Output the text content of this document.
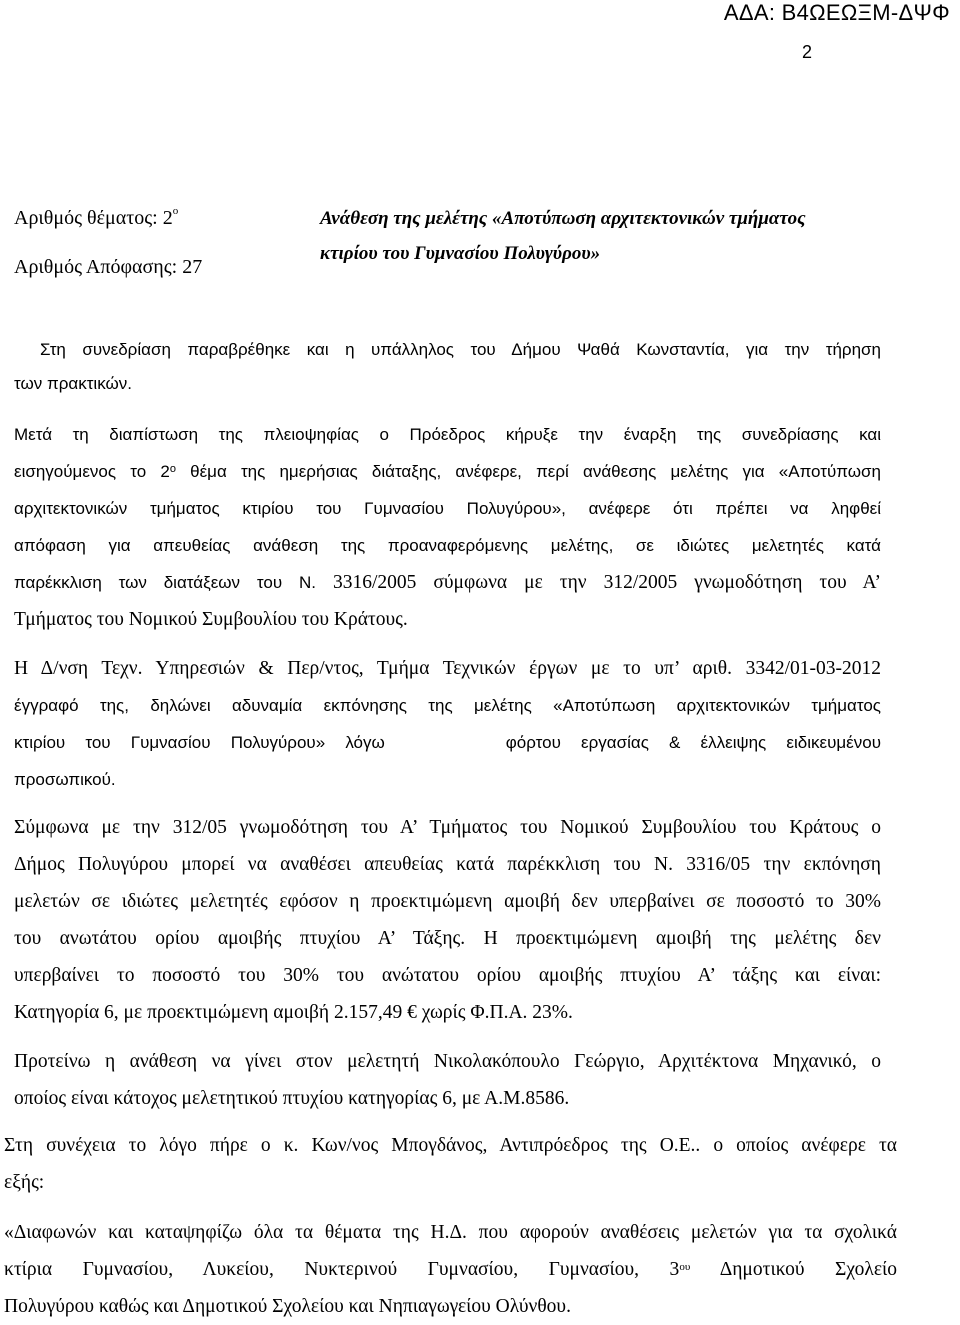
ΑΔΑ: Β4ΩΕΩΞΜ-ΔΨΦ
2
Αριθμός θέματος: $2^o$
Αριθμός Απόφασης: 27
Ανάθεση της μελέτης «Αποτύπωση αρχιτεκτονικών τμήματος
κτιρίου του Γυμνασίου Πολυγύρου»
Στη συνεδρίαση παραβρέθηκε και η υπάλληλος του Δήμου Ψαθά Κωνσταντία, για την τήρηση
των πρακτικών.
Μετά τη διαπίστωση της πλειοψηφίας ο Πρόεδρος κήρυξε την έναρξη της συνεδρίασης και
εισηγούμενος το $2^o$ θέμα της ημερήσιας διάταξης, ανέφερε, περί ανάθεσης μελέτης για «Αποτύπωση
αρχιτεκτονικών τμήματος κτιρίου του Γυμνασίου Πολυγύρου», ανέφερε ότι πρέπει να ληφθεί
απόφαση για απευθείας ανάθεση της προαναφερόμενης μελέτης, σε ιδιώτες μελετητές κατά
παρέκκλιση των διατάξεων του Ν. 3316/2005 σύμφωνα με την 312/2005 γνωμοδότηση του Α’
Τμήματος του Νομικού Συμβουλίου του Κράτους.
Η Δ/νση Τεχν. Υπηρεσιών & Περ/ντος, Τμήμα Τεχνικών έργων με το υπ’ αριθ. 3342/01-03-2012
έγγραφό της, δηλώνει αδυναμία εκπόνησης της μελέτης «Αποτύπωση αρχιτεκτονικών τμήματος
κτιρίου του Γυμνασίου Πολυγύρου» λόγω	φόρτου εργασίας & έλλειψης ειδικευμένου
προσωπικού.
Σύμφωνα με την 312/05 γνωμοδότηση του Α’ Τμήματος του Νομικού Συμβουλίου του Κράτους ο
Δήμος Πολυγύρου μπορεί να αναθέσει απευθείας κατά παρέκκλιση του Ν. 3316/05 την εκπόνηση
μελετών σε ιδιώτες μελετητές εφόσον η προεκτιμώμενη αμοιβή δεν υπερβαίνει σε ποσοστό το 30%
του ανωτάτου ορίου αμοιβής πτυχίου Α’ Τάξης. Η προεκτιμώμενη αμοιβή της μελέτης δεν
υπερβαίνει το ποσοστό του 30% του ανώτατου ορίου αμοιβής πτυχίου Α’ τάξης και είναι:
Κατηγορία 6, με προεκτιμώμενη αμοιβή 2.157,49 € χωρίς Φ.Π.Α. 23%.
Προτείνω η ανάθεση να γίνει στον μελετητή Νικολακόπουλο Γεώργιο, Αρχιτέκτονα Μηχανικό, ο
οποίος είναι κάτοχος μελετητικού πτυχίου κατηγορίας 6, με Α.Μ.8586.
Στη συνέχεια το λόγο πήρε ο κ. Κων/νος Μπογδάνος, Αντιπρόεδρος της Ο.Ε.. ο οποίος ανέφερε τα
εξής:
«Διαφωνών και καταψηφίζω όλα τα θέματα της Η.Δ. που αφορούν αναθέσεις μελετών για τα σχολικά
κτίρια Γυμνασίου, Λυκείου, Νυκτερινού Γυμνασίου, Γυμνασίου, $3^{o\upsilon}$ Δημοτικού Σχολείο
Πολυγύρου καθώς και Δημοτικού Σχολείου και Νηπιαγωγείου Ολύνθου.
